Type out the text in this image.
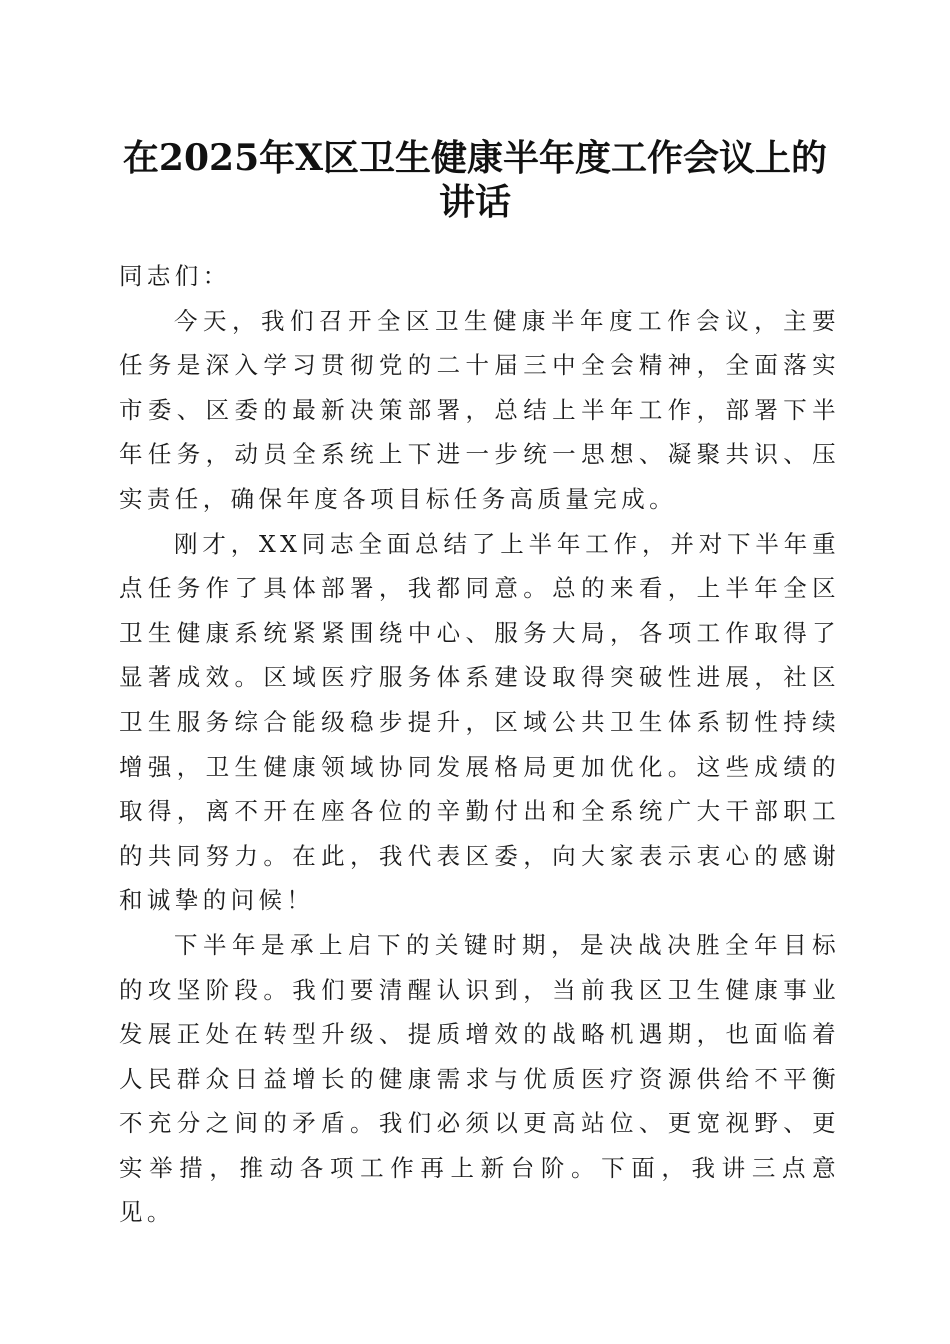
在2025年X区卫生健康半年度工作会议上的
讲话

同志们：

今天，我们召开全区卫生健康半年度工作会议，主要任务是深入学习贯彻党的二十届三中全会精神，全面落实市委、区委的最新决策部署，总结上半年工作，部署下半年任务，动员全系统上下进一步统一思想、凝聚共识、压实责任，确保年度各项目标任务高质量完成。

刚才，XX同志全面总结了上半年工作，并对下半年重点任务作了具体部署，我都同意。总的来看，上半年全区卫生健康系统紧紧围绕中心、服务大局，各项工作取得了显著成效。区域医疗服务体系建设取得突破性进展，社区卫生服务综合能级稳步提升，区域公共卫生体系韧性持续增强，卫生健康领域协同发展格局更加优化。这些成绩的取得，离不开在座各位的辛勤付出和全系统广大干部职工的共同努力。在此，我代表区委，向大家表示衷心的感谢和诚挚的问候！

下半年是承上启下的关键时期，是决战决胜全年目标的攻坚阶段。我们要清醒认识到，当前我区卫生健康事业发展正处在转型升级、提质增效的战略机遇期，也面临着人民群众日益增长的健康需求与优质医疗资源供给不平衡不充分之间的矛盾。我们必须以更高站位、更宽视野、更实举措，推动各项工作再上新台阶。下面，我讲三点意见。
